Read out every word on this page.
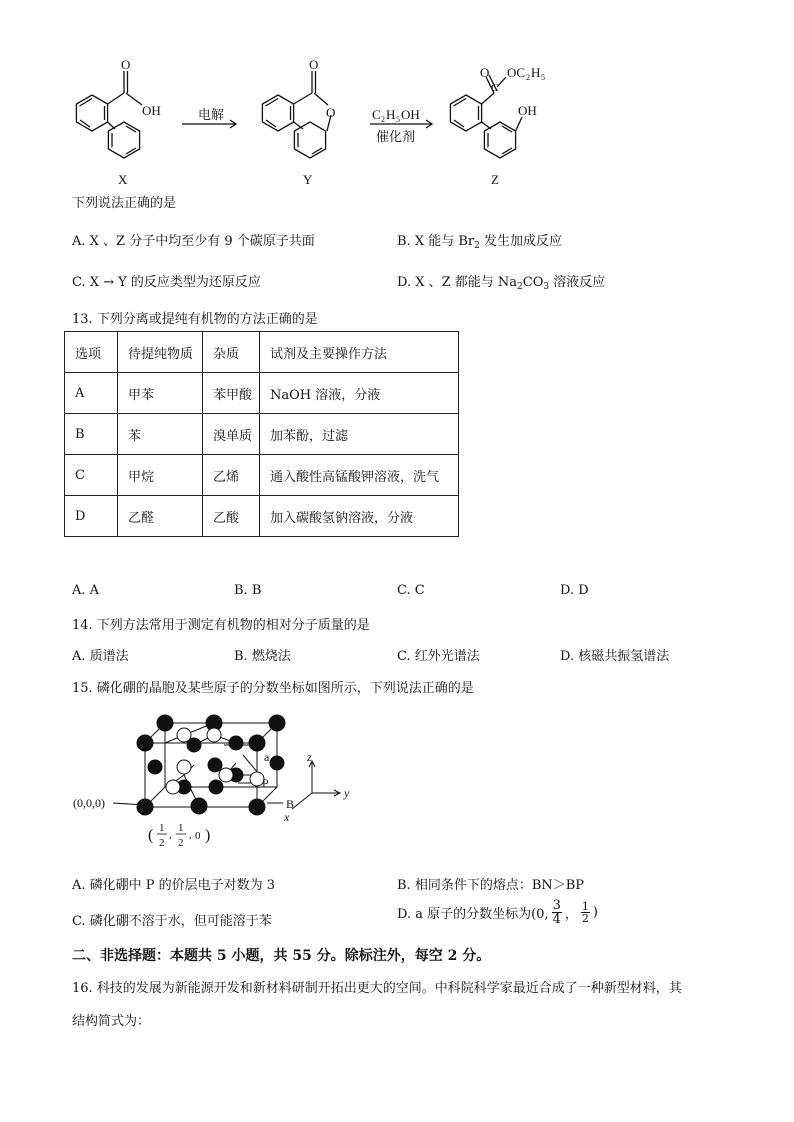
O
OH
O
O
O
C
OC 2 H 5
OH
电解	C 2 H 5 OH
催化剂
X	Y	Z
下列说法正确的是
A. X 、Z 分子中均至少有 9 个碳原子共面	B. X 能与 $Br_2$ 发生加成反应
C. X → Y 的反应类型为还原反应	D. X 、Z 都能与 $Na_2CO_3$ 溶液反应
13. 下列分离或提纯有机物的方法正确的是
选项	待提纯物质	杂质	试剂及主要操作方法
A	甲苯	苯甲酸	NaOH 溶液，分液
B	苯	溴单质	加苯酚，过滤
C	甲烷	乙烯	通入酸性高锰酸钾溶液，洗气
D	乙醛	乙酸	加入碳酸氢钠溶液，分液
A. A	B. B	C. C	D. D
14. 下列方法常用于测定有机物的相对分子质量的是
A. 质谱法	B. 燃烧法	C. 红外光谱法	D. 核磁共振氢谱法
15. 磷化硼的晶胞及某些原子的分数坐标如图所示，下列说法正确的是
a
P
B
(0,0,0)
z
y
x
( 1
2
,
1
2
, 0 )
A. 磷化硼中 P 的价层电子对数为 3	B. 相同条件下的熔点：BN＞BP
C. 磷化硼不溶于水，但可能溶于苯	D. a 原子的分数坐标为(0, $\frac{3}{4}$ ， $\frac{1}{2}$ )
二、非选择题：本题共 5 小题，共 55 分。除标注外，每空 2 分。
16. 科技的发展为新能源开发和新材料研制开拓出更大的空间。中科院科学家最近合成了一种新型材料，其
结构简式为：
